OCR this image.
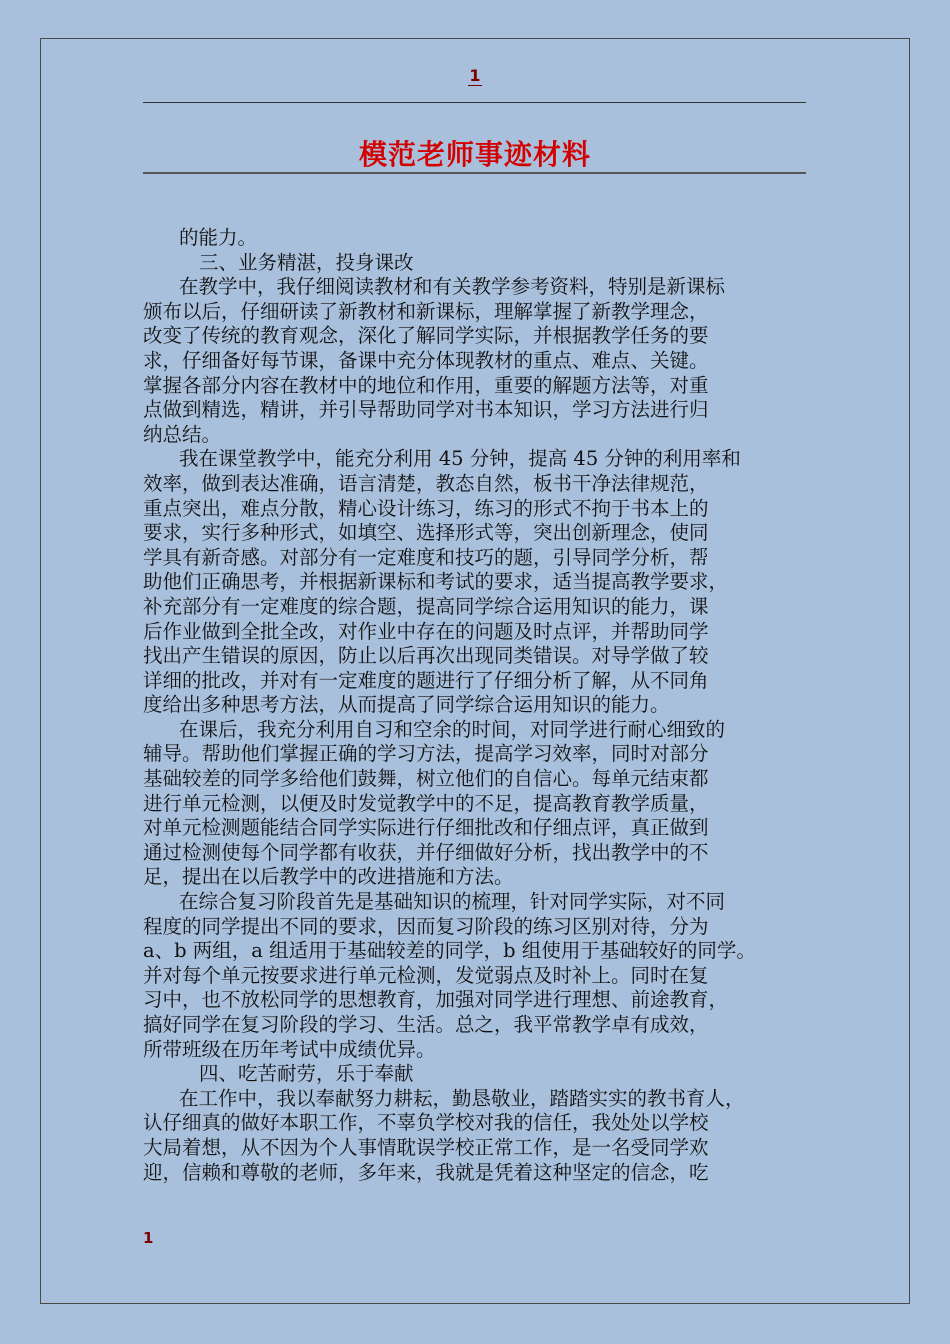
1
模范老师事迹材料

的能力。

三、业务精湛，投身课改

在教学中，我仔细阅读教材和有关教学参考资料，特别是新课标

颁布以后，仔细研读了新教材和新课标，理解掌握了新教学理念，

改变了传统的教育观念，深化了解同学实际，并根据教学任务的要

求，仔细备好每节课，备课中充分体现教材的重点、难点、关键。

掌握各部分内容在教材中的地位和作用，重要的解题方法等，对重

点做到精选，精讲，并引导帮助同学对书本知识，学习方法进行归

纳总结。

我在课堂教学中，能充分利用 45 分钟，提高 45 分钟的利用率和

效率，做到表达准确，语言清楚，教态自然，板书干净法律规范，

重点突出，难点分散，精心设计练习，练习的形式不拘于书本上的

要求，实行多种形式，如填空、选择形式等，突出创新理念，使同

学具有新奇感。对部分有一定难度和技巧的题，引导同学分析，帮

助他们正确思考，并根据新课标和考试的要求，适当提高教学要求，

补充部分有一定难度的综合题，提高同学综合运用知识的能力，课

后作业做到全批全改，对作业中存在的问题及时点评，并帮助同学

找出产生错误的原因，防止以后再次出现同类错误。对导学做了较

详细的批改，并对有一定难度的题进行了仔细分析了解，从不同角

度给出多种思考方法，从而提高了同学综合运用知识的能力。

在课后，我充分利用自习和空余的时间，对同学进行耐心细致的

辅导。帮助他们掌握正确的学习方法，提高学习效率，同时对部分

基础较差的同学多给他们鼓舞，树立他们的自信心。每单元结束都

进行单元检测，以便及时发觉教学中的不足，提高教育教学质量，

对单元检测题能结合同学实际进行仔细批改和仔细点评，真正做到

通过检测使每个同学都有收获，并仔细做好分析，找出教学中的不

足，提出在以后教学中的改进措施和方法。

在综合复习阶段首先是基础知识的梳理，针对同学实际，对不同

程度的同学提出不同的要求，因而复习阶段的练习区别对待，分为

a、b 两组，a 组适用于基础较差的同学，b 组使用于基础较好的同学。

并对每个单元按要求进行单元检测，发觉弱点及时补上。同时在复

习中，也不放松同学的思想教育，加强对同学进行理想、前途教育，

搞好同学在复习阶段的学习、生活。总之，我平常教学卓有成效，

所带班级在历年考试中成绩优异。

四、吃苦耐劳，乐于奉献

在工作中，我以奉献努力耕耘，勤恳敬业，踏踏实实的教书育人，

认仔细真的做好本职工作，不辜负学校对我的信任，我处处以学校

大局着想，从不因为个人事情耽误学校正常工作，是一名受同学欢

迎，信赖和尊敬的老师，多年来，我就是凭着这种坚定的信念，吃

1
